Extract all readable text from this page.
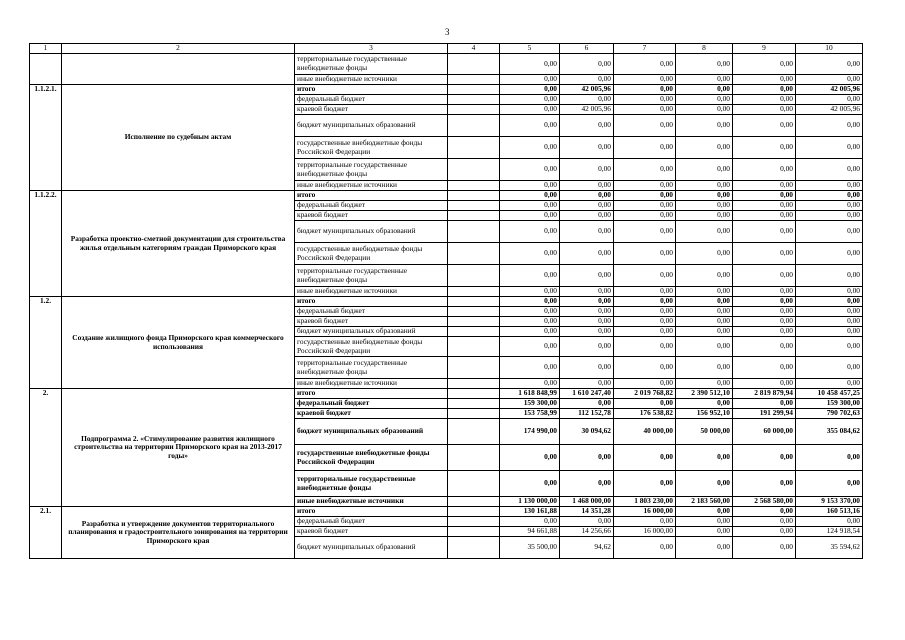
3
1	2	3	4	5	6	7	8	9	10
		территориальные государственные внебюджетные фонды		0,00	0,00	0,00	0,00	0,00	0,00
		иные внебюджетные источники		0,00	0,00	0,00	0,00	0,00	0,00
1.1.2.1.	Исполнение по судебным актам	итого		0,00	42 005,96	0,00	0,00	0,00	42 005,96
		федеральный бюджет		0,00	0,00	0,00	0,00	0,00	0,00
		краевой бюджет		0,00	42 005,96	0,00	0,00	0,00	42 005,96
		бюджет муниципальных образований		0,00	0,00	0,00	0,00	0,00	0,00
		государственные внебюджетные фонды Российской Федерации		0,00	0,00	0,00	0,00	0,00	0,00
		территориальные государственные внебюджетные фонды		0,00	0,00	0,00	0,00	0,00	0,00
		иные внебюджетные источники		0,00	0,00	0,00	0,00	0,00	0,00
1.1.2.2.	Разработка проектно-сметной документации для строительства жилья отдельным категориям граждан Приморского края	итого		0,00	0,00	0,00	0,00	0,00	0,00
		федеральный бюджет		0,00	0,00	0,00	0,00	0,00	0,00
		краевой бюджет		0,00	0,00	0,00	0,00	0,00	0,00
		бюджет муниципальных образований		0,00	0,00	0,00	0,00	0,00	0,00
		государственные внебюджетные фонды Российской Федерации		0,00	0,00	0,00	0,00	0,00	0,00
		территориальные государственные внебюджетные фонды		0,00	0,00	0,00	0,00	0,00	0,00
		иные внебюджетные источники		0,00	0,00	0,00	0,00	0,00	0,00
1.2.	Создание жилищного фонда Приморского края коммерческого использования	итого		0,00	0,00	0,00	0,00	0,00	0,00
		федеральный бюджет		0,00	0,00	0,00	0,00	0,00	0,00
		краевой бюджет		0,00	0,00	0,00	0,00	0,00	0,00
		бюджет муниципальных образований		0,00	0,00	0,00	0,00	0,00	0,00
		государственные внебюджетные фонды Российской Федерации		0,00	0,00	0,00	0,00	0,00	0,00
		территориальные государственные внебюджетные фонды		0,00	0,00	0,00	0,00	0,00	0,00
		иные внебюджетные источники		0,00	0,00	0,00	0,00	0,00	0,00
2.	Подпрограмма 2. «Стимулирование развития жилищного строительства на территории Приморского края на 2013-2017 годы»	итого		1 618 848,99	1 610 247,40	2 019 768,82	2 390 512,10	2 819 879,94	10 458 457,25
		федеральный бюджет		159 300,00	0,00	0,00	0,00	0,00	159 300,00
		краевой бюджет		153 758,99	112 152,78	176 538,82	156 952,10	191 299,94	790 702,63
		бюджет муниципальных образований		174 990,00	30 094,62	40 000,00	50 000,00	60 000,00	355 084,62
		государственные внебюджетные фонды Российской Федерации		0,00	0,00	0,00	0,00	0,00	0,00
		территориальные государственные внебюджетные фонды		0,00	0,00	0,00	0,00	0,00	0,00
		иные внебюджетные источники		1 130 000,00	1 468 000,00	1 803 230,00	2 183 560,00	2 568 580,00	9 153 370,00
2.1.	Разработка и утверждение документов территориального планирования и градостроительного зонирования на территории Приморского края	итого		130 161,88	14 351,28	16 000,00	0,00	0,00	160 513,16
		федеральный бюджет		0,00	0,00	0,00	0,00	0,00	0,00
		краевой бюджет		94 661,88	14 256,66	16 000,00	0,00	0,00	124 918,54
		бюджет муниципальных образований		35 500,00	94,62	0,00	0,00	0,00	35 594,62
